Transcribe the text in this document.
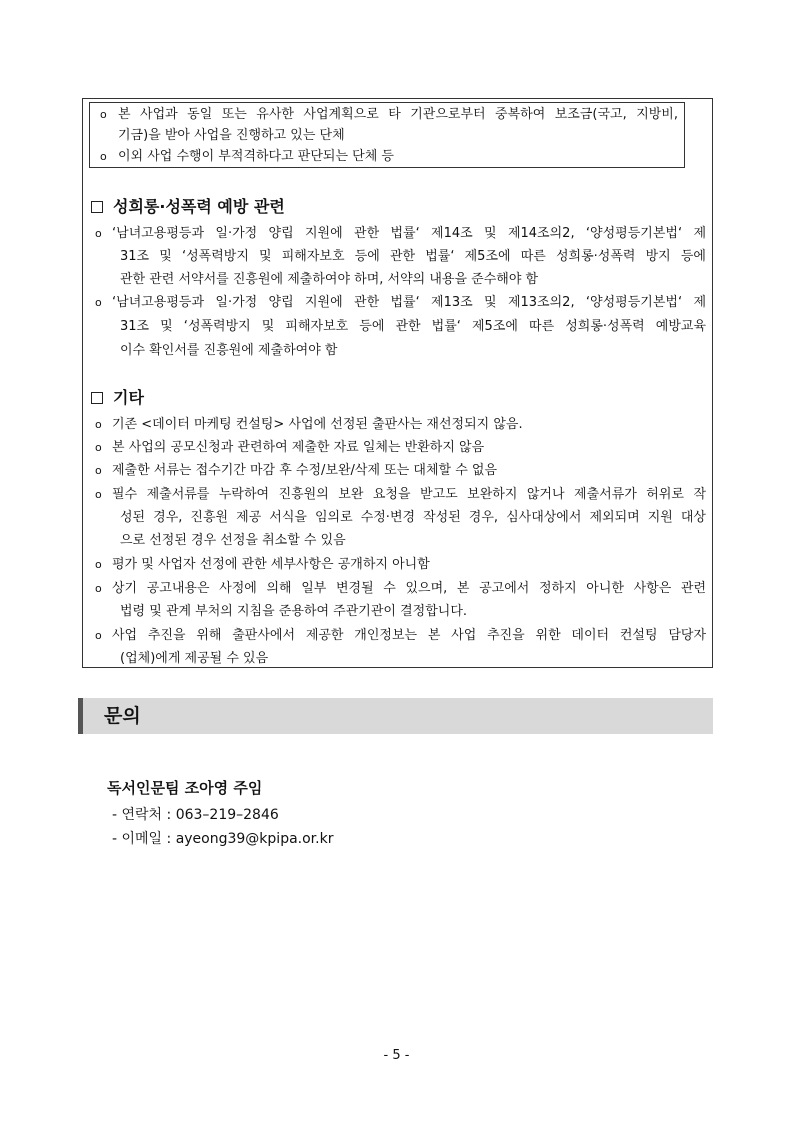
o 본 사업과 동일 또는 유사한 사업계획으로 타 기관으로부터 중복하여 보조금(국고, 지방비,
기금)을 받아 사업을 진행하고 있는 단체
o 이외 사업 수행이 부적격하다고 판단되는 단체 등
성희롱·성폭력 예방 관련
o ‘남녀고용평등과 일·가정 양립 지원에 관한 법률‘ 제14조 및 제14조의2, ‘양성평등기본법‘ 제
31조 및 ‘성폭력방지 및 피해자보호 등에 관한 법률‘ 제5조에 따른 성희롱·성폭력 방지 등에
관한 관련 서약서를 진흥원에 제출하여야 하며, 서약의 내용을 준수해야 함
o ‘남녀고용평등과 일·가정 양립 지원에 관한 법률‘ 제13조 및 제13조의2, ‘양성평등기본법‘ 제
31조 및 ‘성폭력방지 및 피해자보호 등에 관한 법률‘ 제5조에 따른 성희롱·성폭력 예방교육
이수 확인서를 진흥원에 제출하여야 함
기타
o 기존 <데이터 마케팅 컨설팅> 사업에 선정된 출판사는 재선정되지 않음.
o 본 사업의 공모신청과 관련하여 제출한 자료 일체는 반환하지 않음
o 제출한 서류는 접수기간 마감 후 수정/보완/삭제 또는 대체할 수 없음
o 필수 제출서류를 누락하여 진흥원의 보완 요청을 받고도 보완하지 않거나 제출서류가 허위로 작
성된 경우, 진흥원 제공 서식을 임의로 수정·변경 작성된 경우, 심사대상에서 제외되며 지원 대상
으로 선정된 경우 선정을 취소할 수 있음
o 평가 및 사업자 선정에 관한 세부사항은 공개하지 아니함
o 상기 공고내용은 사정에 의해 일부 변경될 수 있으며, 본 공고에서 정하지 아니한 사항은 관련
법령 및 관계 부처의 지침을 준용하여 주관기관이 결정합니다.
o 사업 추진을 위해 출판사에서 제공한 개인정보는 본 사업 추진을 위한 데이터 컨설팅 담당자
(업체)에게 제공될 수 있음
문의
독서인문팀 조아영 주임
- 연락처 : 063–219–2846
- 이메일 : ayeong39@kpipa.or.kr
- 5 -
